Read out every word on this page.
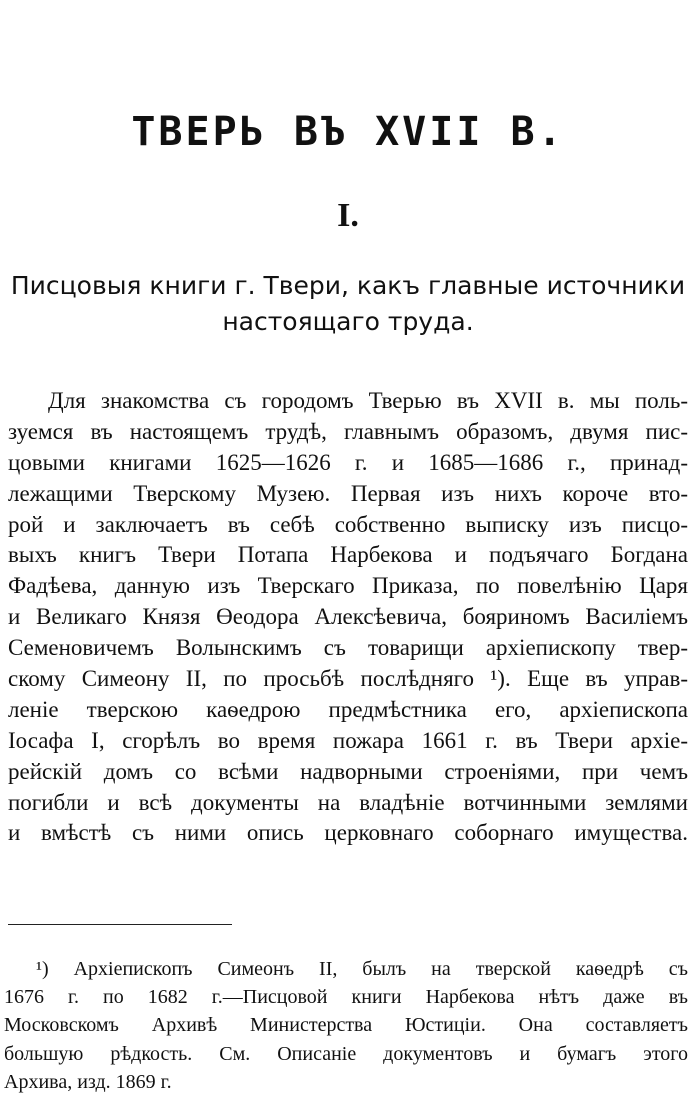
ТВЕРЬ ВЪ XVII В.
I.
Писцовыя книги г. Твери, какъ главные источники
настоящаго труда.
Для знакомства съ городомъ Тверью въ XVII в. мы поль-
зуемся въ настоящемъ трудѣ, главнымъ образомъ, двумя пис-
цовыми книгами 1625—1626 г. и 1685—1686 г., принад-
лежащими Тверскому Музею. Первая изъ нихъ короче вто-
рой и заключаетъ въ себѣ собственно выписку изъ писцо-
выхъ книгъ Твери Потапа Нарбекова и подъячаго Богдана
Фадѣева, данную изъ Тверскаго Приказа, по повелѣнію Царя
и Великаго Князя Өеодора Алексѣевича, бояриномъ Василіемъ
Семеновичемъ Волынскимъ съ товарищи архіепископу твер-
скому Симеону II, по просьбѣ послѣдняго ¹). Еще въ управ-
леніе тверскою каѳедрою предмѣстника его, архіепископа
Іосафа I, сгорѣлъ во время пожара 1661 г. въ Твери архіе-
рейскій домъ со всѣми надворными строеніями, при чемъ
погибли и всѣ документы на владѣніе вотчинными землями
и вмѣстѣ съ ними опись церковнаго соборнаго имущества.
¹) Архіепископъ Симеонъ II, былъ на тверской каѳедрѣ съ
1676 г. по 1682 г.—Писцовой книги Нарбекова нѣтъ даже въ
Московскомъ Архивѣ Министерства Юстиціи. Она составляетъ
большую рѣдкость. См. Описаніе документовъ и бумагъ этого
Архива, изд. 1869 г.
